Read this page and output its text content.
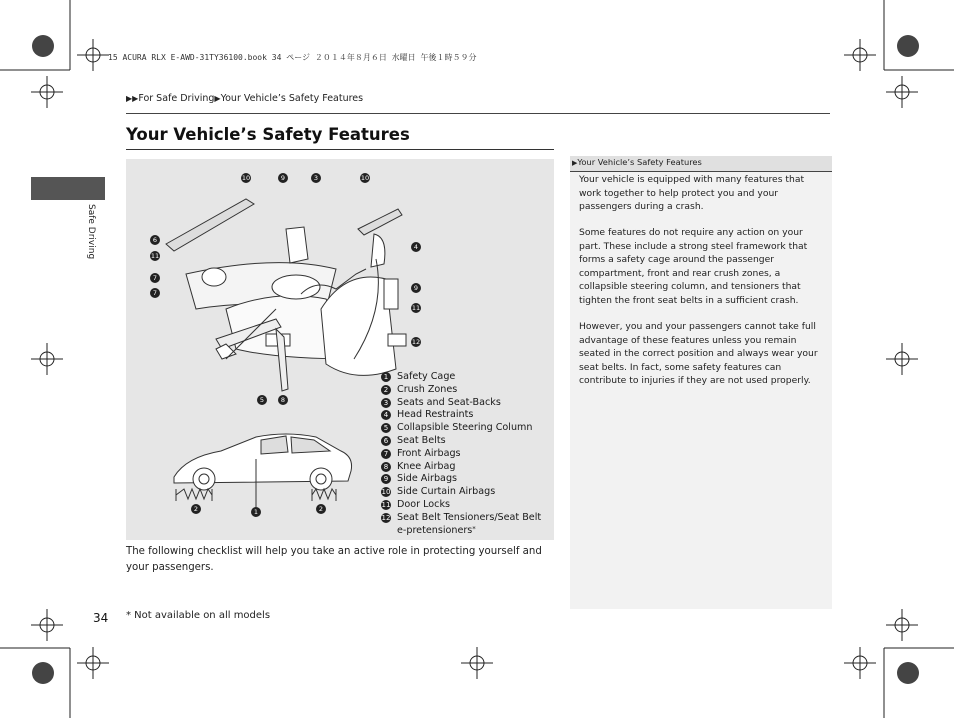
15 ACURA RLX E-AWD-31TY36100.book 34 ページ ２０１４年８月６日 水曜日 午後１時５９分
▶▶For Safe Driving▶Your Vehicle’s Safety Features
Safe Driving
Your Vehicle’s Safety Features
10	9	3	10
6
11
7
7
4
9
11
12
5	8
2	1	2
1 Safety Cage
2 Crush Zones
3 Seats and Seat-Backs
4 Head Restraints
5 Collapsible Steering Column
6 Seat Belts
7 Front Airbags
8 Knee Airbag
9 Side Airbags
10 Side Curtain Airbags
11 Door Locks
12 Seat Belt Tensioners/Seat Belt
e-pretensioners *
The following checklist will help you take an active role in protecting yourself and your passengers.
34 * Not available on all models
▶Your Vehicle’s Safety Features
Your vehicle is equipped with many features that work together to help protect you and your passengers during a crash.
Some features do not require any action on your part. These include a strong steel framework that forms a safety cage around the passenger compartment, front and rear crush zones, a collapsible steering column, and tensioners that tighten the front seat belts in a sufficient crash.
However, you and your passengers cannot take full advantage of these features unless you remain seated in the correct position and always wear your seat belts. In fact, some safety features can contribute to injuries if they are not used properly.
